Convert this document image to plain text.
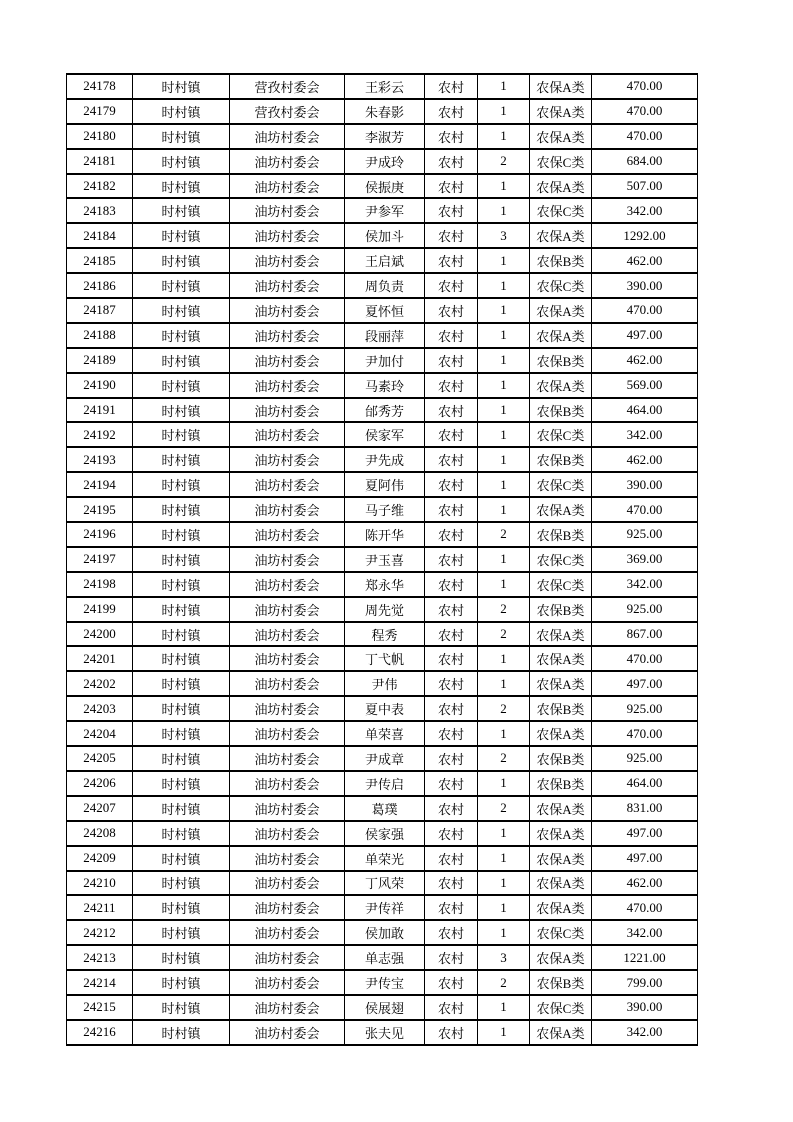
24178	时村镇	营孜村委会	王彩云	农村	1	农保A类	470.00
24179	时村镇	营孜村委会	朱春影	农村	1	农保A类	470.00
24180	时村镇	油坊村委会	李淑芳	农村	1	农保A类	470.00
24181	时村镇	油坊村委会	尹成玲	农村	2	农保C类	684.00
24182	时村镇	油坊村委会	侯振庚	农村	1	农保A类	507.00
24183	时村镇	油坊村委会	尹参军	农村	1	农保C类	342.00
24184	时村镇	油坊村委会	侯加斗	农村	3	农保A类	1292.00
24185	时村镇	油坊村委会	王启斌	农村	1	农保B类	462.00
24186	时村镇	油坊村委会	周负责	农村	1	农保C类	390.00
24187	时村镇	油坊村委会	夏怀恒	农村	1	农保A类	470.00
24188	时村镇	油坊村委会	段丽萍	农村	1	农保A类	497.00
24189	时村镇	油坊村委会	尹加付	农村	1	农保B类	462.00
24190	时村镇	油坊村委会	马素玲	农村	1	农保A类	569.00
24191	时村镇	油坊村委会	邰秀芳	农村	1	农保B类	464.00
24192	时村镇	油坊村委会	侯家军	农村	1	农保C类	342.00
24193	时村镇	油坊村委会	尹先成	农村	1	农保B类	462.00
24194	时村镇	油坊村委会	夏阿伟	农村	1	农保C类	390.00
24195	时村镇	油坊村委会	马子维	农村	1	农保A类	470.00
24196	时村镇	油坊村委会	陈开华	农村	2	农保B类	925.00
24197	时村镇	油坊村委会	尹玉喜	农村	1	农保C类	369.00
24198	时村镇	油坊村委会	郑永华	农村	1	农保C类	342.00
24199	时村镇	油坊村委会	周先觉	农村	2	农保B类	925.00
24200	时村镇	油坊村委会	程秀	农村	2	农保A类	867.00
24201	时村镇	油坊村委会	丁弋帆	农村	1	农保A类	470.00
24202	时村镇	油坊村委会	尹伟	农村	1	农保A类	497.00
24203	时村镇	油坊村委会	夏中表	农村	2	农保B类	925.00
24204	时村镇	油坊村委会	单荣喜	农村	1	农保A类	470.00
24205	时村镇	油坊村委会	尹成章	农村	2	农保B类	925.00
24206	时村镇	油坊村委会	尹传启	农村	1	农保B类	464.00
24207	时村镇	油坊村委会	葛璞	农村	2	农保A类	831.00
24208	时村镇	油坊村委会	侯家强	农村	1	农保A类	497.00
24209	时村镇	油坊村委会	单荣光	农村	1	农保A类	497.00
24210	时村镇	油坊村委会	丁风荣	农村	1	农保A类	462.00
24211	时村镇	油坊村委会	尹传祥	农村	1	农保A类	470.00
24212	时村镇	油坊村委会	侯加敢	农村	1	农保C类	342.00
24213	时村镇	油坊村委会	单志强	农村	3	农保A类	1221.00
24214	时村镇	油坊村委会	尹传宝	农村	2	农保B类	799.00
24215	时村镇	油坊村委会	侯展翅	农村	1	农保C类	390.00
24216	时村镇	油坊村委会	张夫见	农村	1	农保A类	342.00
